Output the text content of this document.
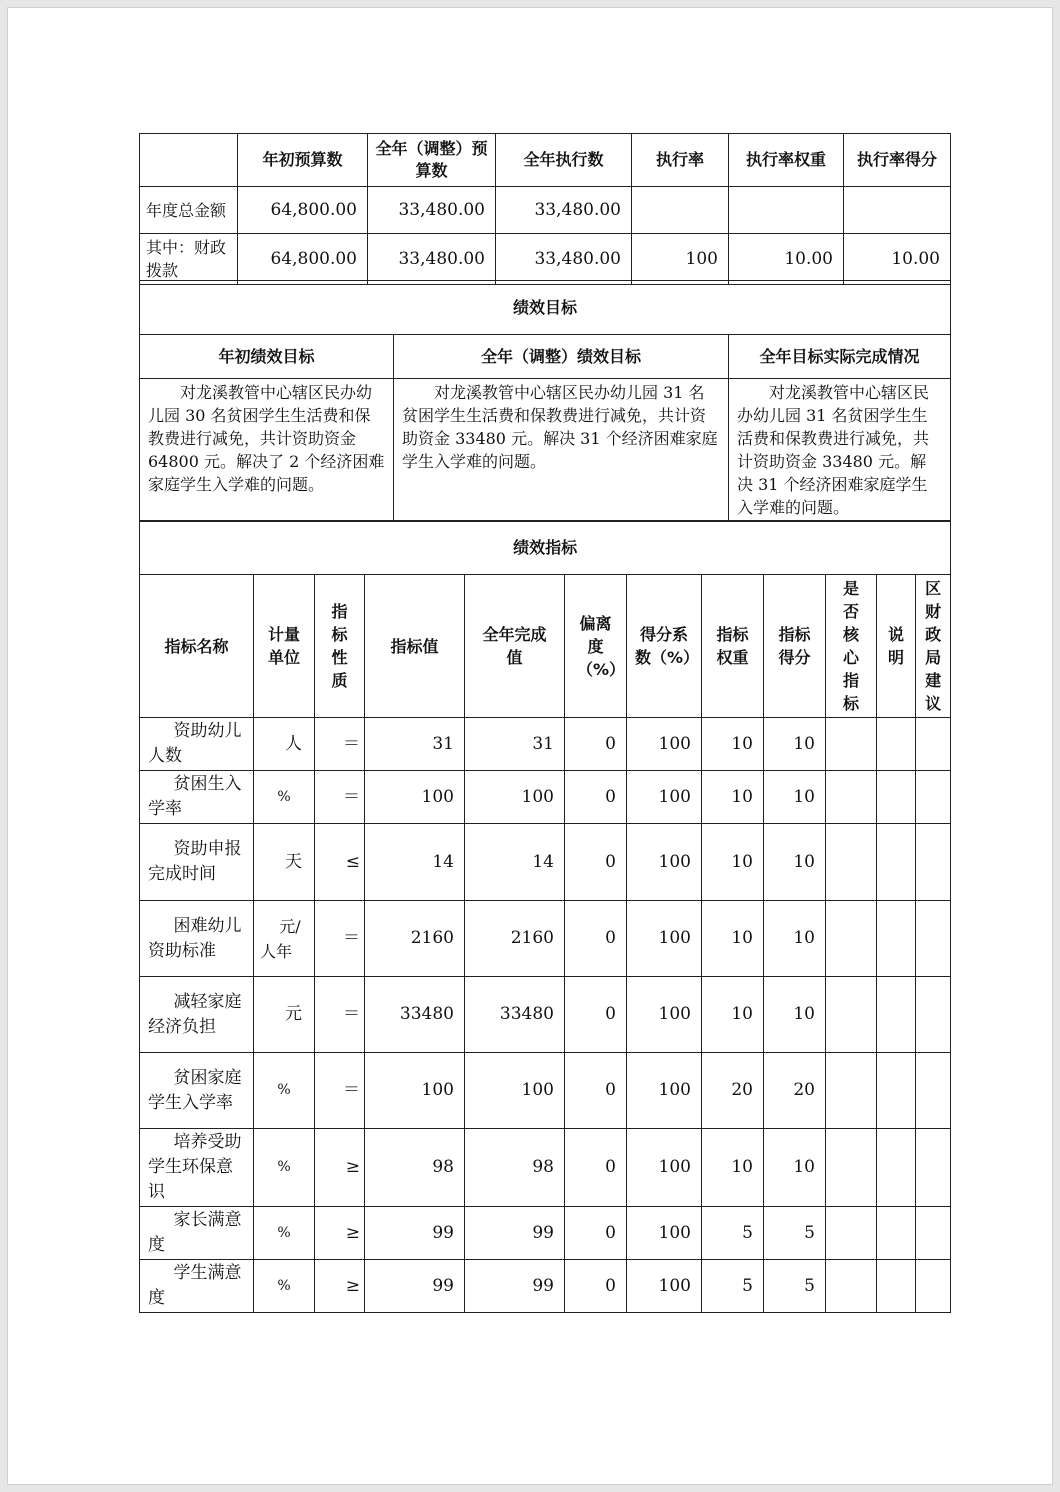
	年初预算数	全年（调整）预算数	全年执行数	执行率	执行率权重	执行率得分
年度总金额	64,800.00	33,480.00	33,480.00			
其中：财政拨款	64,800.00	33,480.00	33,480.00	100	10.00	10.00
绩效目标		
年初绩效目标	全年（调整）绩效目标	全年目标实际完成情况
对龙溪教管中心辖区民办幼儿园 30 名贫困学生生活费和保教费进行减免，共计资助资金 64800 元。解决了 2 个经济困难家庭学生入学难的问题。	对龙溪教管中心辖区民办幼儿园 31 名贫困学生生活费和保教费进行减免，共计资助资金 33480 元。解决 31 个经济困难家庭学生入学难的问题。	对龙溪教管中心辖区民办幼儿园 31 名贫困学生生活费和保教费进行减免，共计资助资金 33480 元。解决 31 个经济困难家庭学生入学难的问题。
绩效指标											
指标名称	计量单位	指标性质	指标值	全年完成值	偏离度（%）	得分系数（%）	指标权重	指标得分	是否核心指标	说明	区财政局建议
资助幼儿人数	人	＝	31	31	0	100	10	10			
贫困生入学率	%	＝	100	100	0	100	10	10			
资助申报完成时间	天	≤	14	14	0	100	10	10			
困难幼儿资助标准	元/人年	＝	2160	2160	0	100	10	10			
减轻家庭经济负担	元	＝	33480	33480	0	100	10	10			
贫困家庭学生入学率	%	＝	100	100	0	100	20	20			
培养受助学生环保意识	%	≥	98	98	0	100	10	10			
家长满意度	%	≥	99	99	0	100	5	5			
学生满意度	%	≥	99	99	0	100	5	5			
